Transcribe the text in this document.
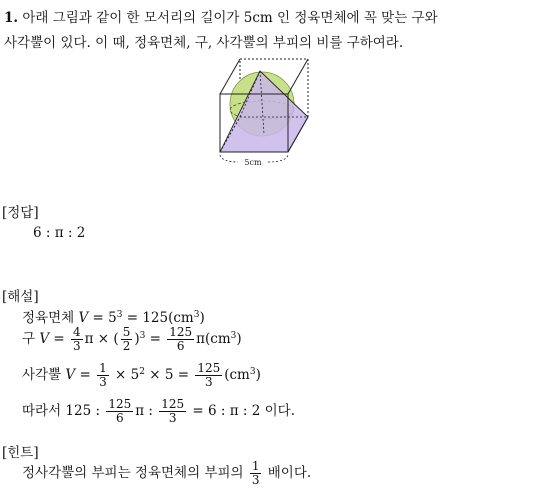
1. 아래 그림과 같이 한 모서리의 길이가 5cm 인 정육면체에 꼭 맞는 구와
사각뿔이 있다. 이 때, 정육면체, 구, 사각뿔의 부피의 비를 구하여라.
5cm
[정답]
6 : π : 2
[해설]
정육면체 $V = 5^3 = 125(cm^3)$
구 $V = \frac{4}{3}$ π × ( $\frac{5}{2} )^3 = \frac{125}{6} \pi(cm^3)$
사각뿔 $V = \frac{1}{3} \times 5^2 \times 5 = \frac{125}{3} (cm^3)$
따라서 125 : $\frac{125}{6}$ π : $\frac{125}{3} = 6$ : π : 2 이다.
[힌트]
정사각뿔의 부피는 정육면체의 부피의 $\frac{1}{3}$ 배이다.
